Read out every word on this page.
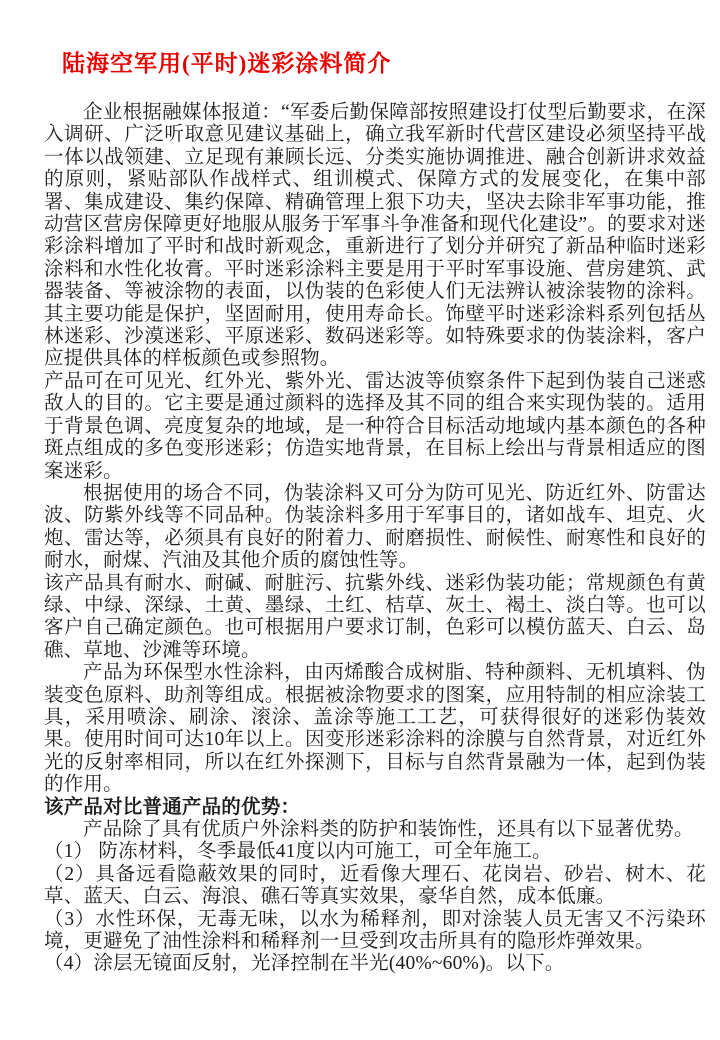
陆海空军用(平时)迷彩涂料简介

企业根据融媒体报道：“军委后勤保障部按照建设打仗型后勤要求，在深入调研、广泛听取意见建议基础上，确立我军新时代营区建设必须坚持平战一体以战领建、立足现有兼顾长远、分类实施协调推进、融合创新讲求效益的原则，紧贴部队作战样式、组训模式、保障方式的发展变化，在集中部署、集成建设、集约保障、精确管理上狠下功夫，坚决去除非军事功能，推动营区营房保障更好地服从服务于军事斗争准备和现代化建设”。的要求对迷彩涂料增加了平时和战时新观念，重新进行了划分并研究了新品种临时迷彩涂料和水性化妆膏。平时迷彩涂料主要是用于平时军事设施、营房建筑、武器装备、等被涂物的表面，以伪装的色彩使人们无法辨认被涂装物的涂料。其主要功能是保护，坚固耐用，使用寿命长。饰壁平时迷彩涂料系列包括丛林迷彩、沙漠迷彩、平原迷彩、数码迷彩等。如特殊要求的伪装涂料，客户应提供具体的样板颜色或参照物。

产品可在可见光、红外光、紫外光、雷达波等侦察条件下起到伪装自己迷惑敌人的目的。它主要是通过颜料的选择及其不同的组合来实现伪装的。适用于背景色调、亮度复杂的地域，是一种符合目标活动地域内基本颜色的各种斑点组成的多色变形迷彩；仿造实地背景，在目标上绘出与背景相适应的图案迷彩。

根据使用的场合不同，伪装涂料又可分为防可见光、防近红外、防雷达波、防紫外线等不同品种。伪装涂料多用于军事目的，诸如战车、坦克、火炮、雷达等，必须具有良好的附着力、耐磨损性、耐候性、耐寒性和良好的耐水，耐煤、汽油及其他介质的腐蚀性等。

该产品具有耐水、耐碱、耐脏污、抗紫外线、迷彩伪装功能；常规颜色有黄绿、中绿、深绿、土黄、墨绿、土红、桔草、灰土、褐土、淡白等。也可以客户自己确定颜色。也可根据用户要求订制，色彩可以模仿蓝天、白云、岛礁、草地、沙滩等环境。

产品为环保型水性涂料，由丙烯酸合成树脂、特种颜料、无机填料、伪装变色原料、助剂等组成。根据被涂物要求的图案，应用特制的相应涂装工具，采用喷涂、刷涂、滚涂、盖涂等施工工艺，可获得很好的迷彩伪装效果。使用时间可达10年以上。因变形迷彩涂料的涂膜与自然背景，对近红外光的反射率相同，所以在红外探测下，目标与自然背景融为一体，起到伪装的作用。

该产品对比普通产品的优势：

产品除了具有优质户外涂料类的防护和装饰性，还具有以下显著优势。

（1） 防冻材料，冬季最低41度以内可施工，可全年施工。

（2）具备远看隐蔽效果的同时，近看像大理石、花岗岩、砂岩、树木、花草、蓝天、白云、海浪、礁石等真实效果，豪华自然，成本低廉。

（3）水性环保，无毒无味，以水为稀释剂，即对涂装人员无害又不污染环境，更避免了油性涂料和稀释剂一旦受到攻击所具有的隐形炸弹效果。

（4）涂层无镜面反射，光泽控制在半光(40%~60%)。以下。
